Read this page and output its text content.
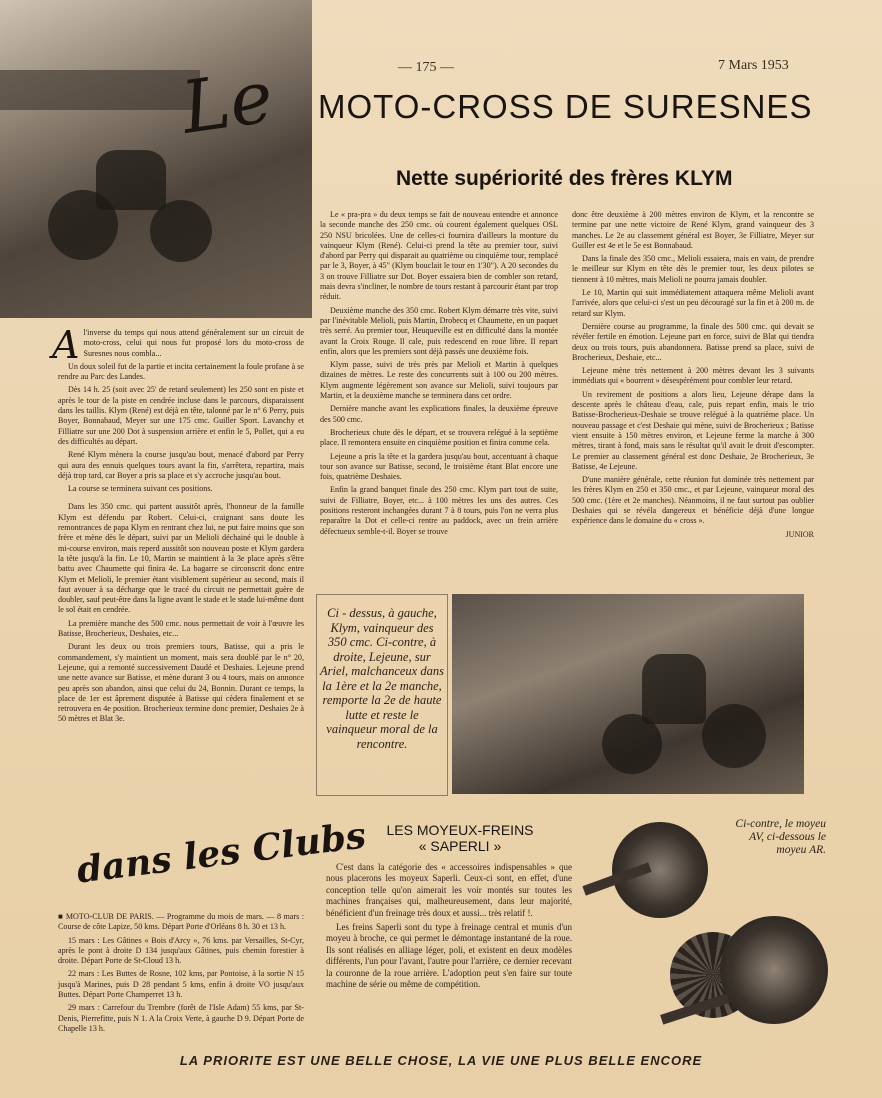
— 175 —	7 Mars 1953
Le MOTO-CROSS DE SURESNES
Nette supériorité des frères KLYM
A l'inverse du temps qui nous attend généralement sur un circuit de moto-cross, celui qui nous fut proposé lors du moto-cross de Suresnes nous combla...

Un doux soleil fut de la partie et incita certainement la foule profane à se rendre au Parc des Landes.

Dès 14 h. 25 (soit avec 25' de retard seulement) les 250 sont en piste et après le tour de la piste en cendrée incluse dans le parcours, disparaissent dans les taillis. Klym (René) est déjà en tête, talonné par le n° 6 Perry, puis Boyer, Bonnabaud, Meyer sur une 175 cmc. Guiller Sport. Lavanchy et Filliatre sur une 200 Dot à suspension arrière et enfin le 5, Pollet, qui a eu des difficultés au départ.

René Klym mènera la course jusqu'au bout, menacé d'abord par Perry qui aura des ennuis quelques tours avant la fin, s'arrêtera, repartira, mais déjà trop tard, car Boyer a pris sa place et s'y accroche jusqu'au bout.

La course se terminera suivant ces positions.

Dans les 350 cmc. qui partent aussitôt après, l'honneur de la famille Klym est défendu par Robert. Celui-ci, craignant sans doute les remontrances de papa Klym en rentrant chez lui, ne put faire moins que son frère et mène dès le départ, suivi par un Melioli déchainé qui le double à mi-course environ, mais reperd aussitôt son nouveau poste et Klym gardera la tête jusqu'à la fin. Le 10, Martin se maintient à la 3e place après s'être battu avec Chaumette qui finira 4e. La bagarre se circonscrit donc entre Klym et Melioli, le premier étant visiblement supérieur au second, mais il faut avouer à sa décharge que le tracé du circuit ne permettait guère de doubler, sauf peut-être dans la ligne avant le stade et le stade lui-même dont le sol était en cendrée.

La première manche des 500 cmc. nous permettait de voir à l'œuvre les Batisse, Brocherieux, Deshaies, etc...

Durant les deux ou trois premiers tours, Batisse, qui a pris le commandement, s'y maintient un moment, mais sera doublé par le n° 20, Lejeune, qui a remonté successivement Daudé et Deshaies. Lejeune prend une nette avance sur Batisse, et mène durant 3 ou 4 tours, mais on annonce peu après son abandon, ainsi que celui du 24, Bonnin. Durant ce temps, la place de 1er est âprement disputée à Batisse qui cèdera finalement et se retrouvera en 4e position. Brocherieux termine donc premier, Deshaies 2e à 50 mètres et Blat 3e.

Le « pra-pra » du deux temps se fait de nouveau entendre et annonce la seconde manche des 250 cmc. où courent également quelques OSL 250 NSU bricolées. Une de celles-ci fournira d'ailleurs la monture du vainqueur Klym (René). Celui-ci prend la tête au premier tour, suivi d'abord par Perry qui disparait au quatrième ou cinquième tour, remplacé par le 3, Boyer, à 45" (Klym bouclait le tour en 1'30"). A 20 secondes du 3 on trouve Filliatre sur Dot. Boyer essaiera bien de combler son retard, mais devra s'incliner, le nombre de tours restant à parcourir étant par trop réduit.

Deuxième manche des 350 cmc. Robert Klym démarre très vite, suivi par l'inévitable Melioli, puis Martin, Drobecq et Chaumette, en un paquet très serré. Au premier tour, Heuqueville est en difficulté dans la montée avant la Croix Rouge. Il cale, puis redescend en roue libre. Il repart enfin, alors que les premiers sont déjà passés une deuxième fois.

Klym passe, suivi de très près par Melioli et Martin à quelques dizaines de mètres. Le reste des concurrents suit à 100 ou 200 mètres. Klym augmente légèrement son avance sur Melioli, suivi toujours par Martin, et la deuxième manche se terminera dans cet ordre.

Dernière manche avant les explications finales, la deuxième épreuve des 500 cmc.

Brocherieux chute dès le départ, et se trouvera relégué à la septième place. Il remontera ensuite en cinquième position et finira comme cela.

Lejeune a pris la tête et la gardera jusqu'au bout, accentuant à chaque tour son avance sur Batisse, second, le troisième étant Blat encore une fois, quatrième Deshaies.

Enfin la grand banquet finale des 250 cmc. Klym part tout de suite, suivi de Filliatre, Boyer, etc... à 100 mètres les uns des autres. Ces positions resteront inchangées durant 7 à 8 tours, puis l'on ne verra plus reparaître la Dot et celle-ci rentre au paddock, avec un frein arrière défectueux semble-t-il. Boyer se trouve

donc être deuxième à 200 mètres environ de Klym, et la rencontre se termine par une nette victoire de René Klym, grand vainqueur des 3 manches. Le 2e au classement général est Boyer, 3e Filliatre, Meyer sur Guiller est 4e et le 5e est Bonnabaud.

Dans la finale des 350 cmc., Melioli essaiera, mais en vain, de prendre le meilleur sur Klym en tête dès le premier tour, les deux pilotes se tiennent à 10 mètres, mais Melioli ne pourra jamais doubler.

Le 10, Martin qui suit immédiatement attaquera même Melioli avant l'arrivée, alors que celui-ci s'est un peu découragé sur la fin et à 200 m. de retard sur Klym.

Dernière course au programme, la finale des 500 cmc. qui devait se révéler fertile en émotion. Lejeune part en force, suivi de Blat qui tiendra deux ou trois tours, puis abandonnera. Batisse prend sa place, suivi de Brocherieux, Deshaie, etc...

Lejeune mène très nettement à 200 mètres devant les 3 suivants immédiats qui « bourrent » désespérément pour combler leur retard.

Un revirement de positions a alors lieu, Lejeune dérape dans la descente après le château d'eau, cale, puis repart enfin, mais le trio Batisse-Brocherieux-Deshaie se trouve relégué à la quatrième place. Un nouveau passage et c'est Deshaie qui mène, suivi de Brocherieux ; Batisse vient ensuite à 150 mètres environ, et Lejeune ferme la marche à 300 mètres, tirant à fond, mais sans le résultat qu'il avait le droit d'escompter. Le premier au classement général est donc Deshaie, 2e Brocherieux, 3e Batisse, 4e Lejeune.

D'une manière générale, cette réunion fut dominée très nettement par les frères Klym en 250 et 350 cmc., et par Lejeune, vainqueur moral des 500 cmc. (1ère et 2e manches). Néanmoins, il ne faut surtout pas oublier Deshaies qui se révéla dangereux et bénéficie déjà d'une longue expérience dans le domaine du « cross ».

JUNIOR
Ci - dessus, à gauche, Klym, vainqueur des 350 cmc. Ci-contre, à droite, Lejeune, sur Ariel, malchanceux dans la 1ère et la 2e manche, remporte la 2e de haute lutte et reste le vainqueur moral de la rencontre.
dans les Clubs

■ MOTO-CLUB DE PARIS. — Programme du mois de mars. — 8 mars : Course de côte Lapize, 50 kms. Départ Porte d'Orléans 8 h. 30 et 13 h.

15 mars : Les Gâtines « Bois d'Arcy », 76 kms. par Versailles, St-Cyr, après le pont à droite D 134 jusqu'aux Gâtines, puis chemin forestier à droite. Départ Porte de St-Cloud 13 h.

22 mars : Les Buttes de Rosne, 102 kms, par Pontoise, à la sortie N 15 jusqu'à Marines, puis D 28 pendant 5 kms, enfin à droite VO jusqu'aux Buttes. Départ Porte Champerret 13 h.

29 mars : Carrefour du Trembre (forêt de l'Isle Adam) 55 kms, par St-Denis, Pierrefitte, puis N 1. A la Croix Verte, à gauche D 9. Départ Porte de Chapelle 13 h.

LES MOYEUX-FREINS
« SAPERLI »

C'est dans la catégorie des « accessoires indispensables » que nous placerons les moyeux Saperli. Ceux-ci sont, en effet, d'une conception telle qu'on aimerait les voir montés sur toutes les machines françaises qui, malheureusement, dans leur majorité, bénéficient d'un freinage très doux et aussi... très relatif !.

Les freins Saperli sont du type à freinage central et munis d'un moyeu à broche, ce qui permet le démontage instantané de la roue. Ils sont réalisés en alliage léger, poli, et existent en deux modèles différents, l'un pour l'avant, l'autre pour l'arrière, ce dernier recevant la couronne de la roue arrière. L'adoption peut s'en faire sur toute machine de série ou même de compétition.

Ci-contre, le moyeu AV, ci-dessous le moyeu AR.
LA PRIORITE EST UNE BELLE CHOSE, LA VIE UNE PLUS BELLE ENCORE
